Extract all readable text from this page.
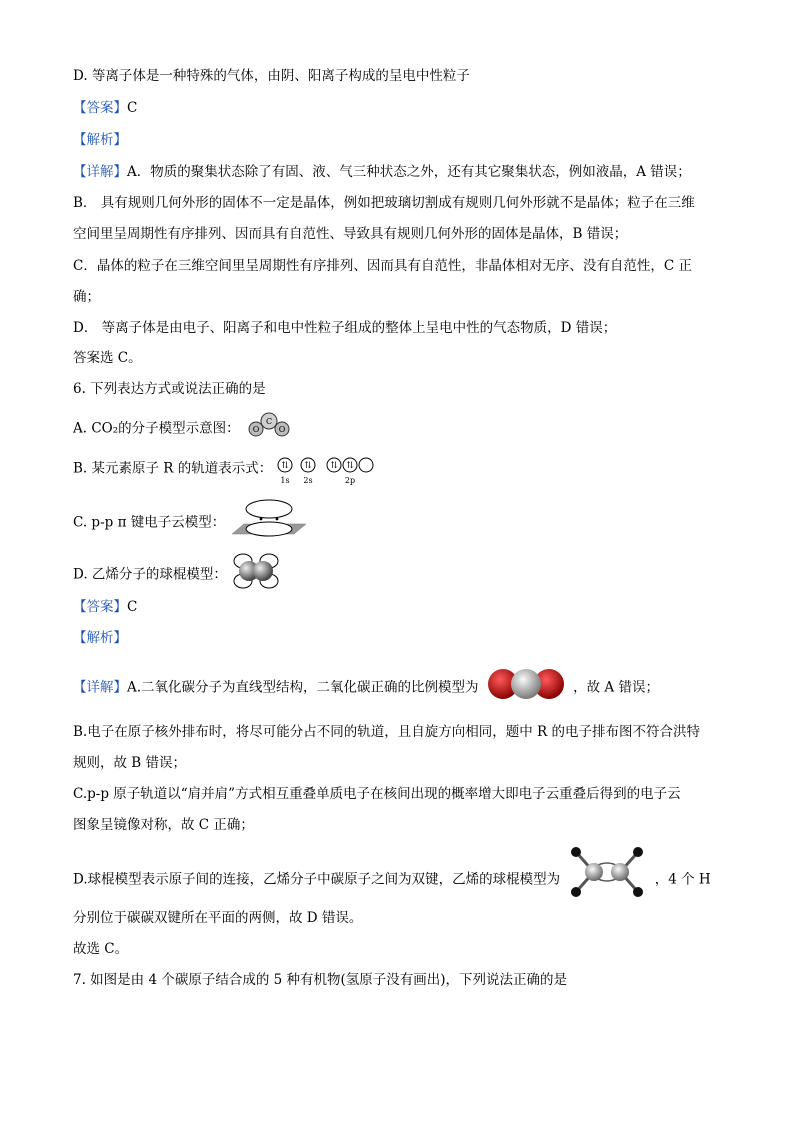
D. 等离子体是一种特殊的气体，由阴、阳离子构成的呈电中性粒子
【答案】C
【解析】
【详解】A．物质的聚集状态除了有固、液、气三种状态之外，还有其它聚集状态，例如液晶，A 错误；
B． 具有规则几何外形的固体不一定是晶体，例如把玻璃切割成有规则几何外形就不是晶体；粒子在三维
空间里呈周期性有序排列、因而具有自范性、导致具有规则几何外形的固体是晶体，B 错误；
C．晶体的粒子在三维空间里呈周期性有序排列、因而具有自范性，非晶体相对无序、没有自范性，C 正
确；
D． 等离子体是由电子、阳离子和电中性粒子组成的整体上呈电中性的气态物质，D 错误；
答案选 C。
6. 下列表达方式或说法正确的是
A. CO₂的分子模型示意图： O
C
O
B. 某元素原子 R 的轨道表示式： ⇅ ⇅ ⇅ ⇅
1s 2s	2p
C. p-p π 键电子云模型：
D. 乙烯分子的球棍模型：
【答案】C
【解析】
【详解】A.二氧化碳分子为直线型结构，二氧化碳正确的比例模型为	，故 A 错误；
B.电子在原子核外排布时，将尽可能分占不同的轨道，且自旋方向相同，题中 R 的电子排布图不符合洪特
规则，故 B 错误；
C.p-p 原子轨道以“肩并肩”方式相互重叠单质电子在核间出现的概率增大即电子云重叠后得到的电子云
图象呈镜像对称，故 C 正确；
D.球棍模型表示原子间的连接，乙烯分子中碳原子之间为双键，乙烯的球棍模型为	，4 个 H
分别位于碳碳双键所在平面的两侧，故 D 错误。
故选 C。
7. 如图是由 4 个碳原子结合成的 5 种有机物(氢原子没有画出)，下列说法正确的是
